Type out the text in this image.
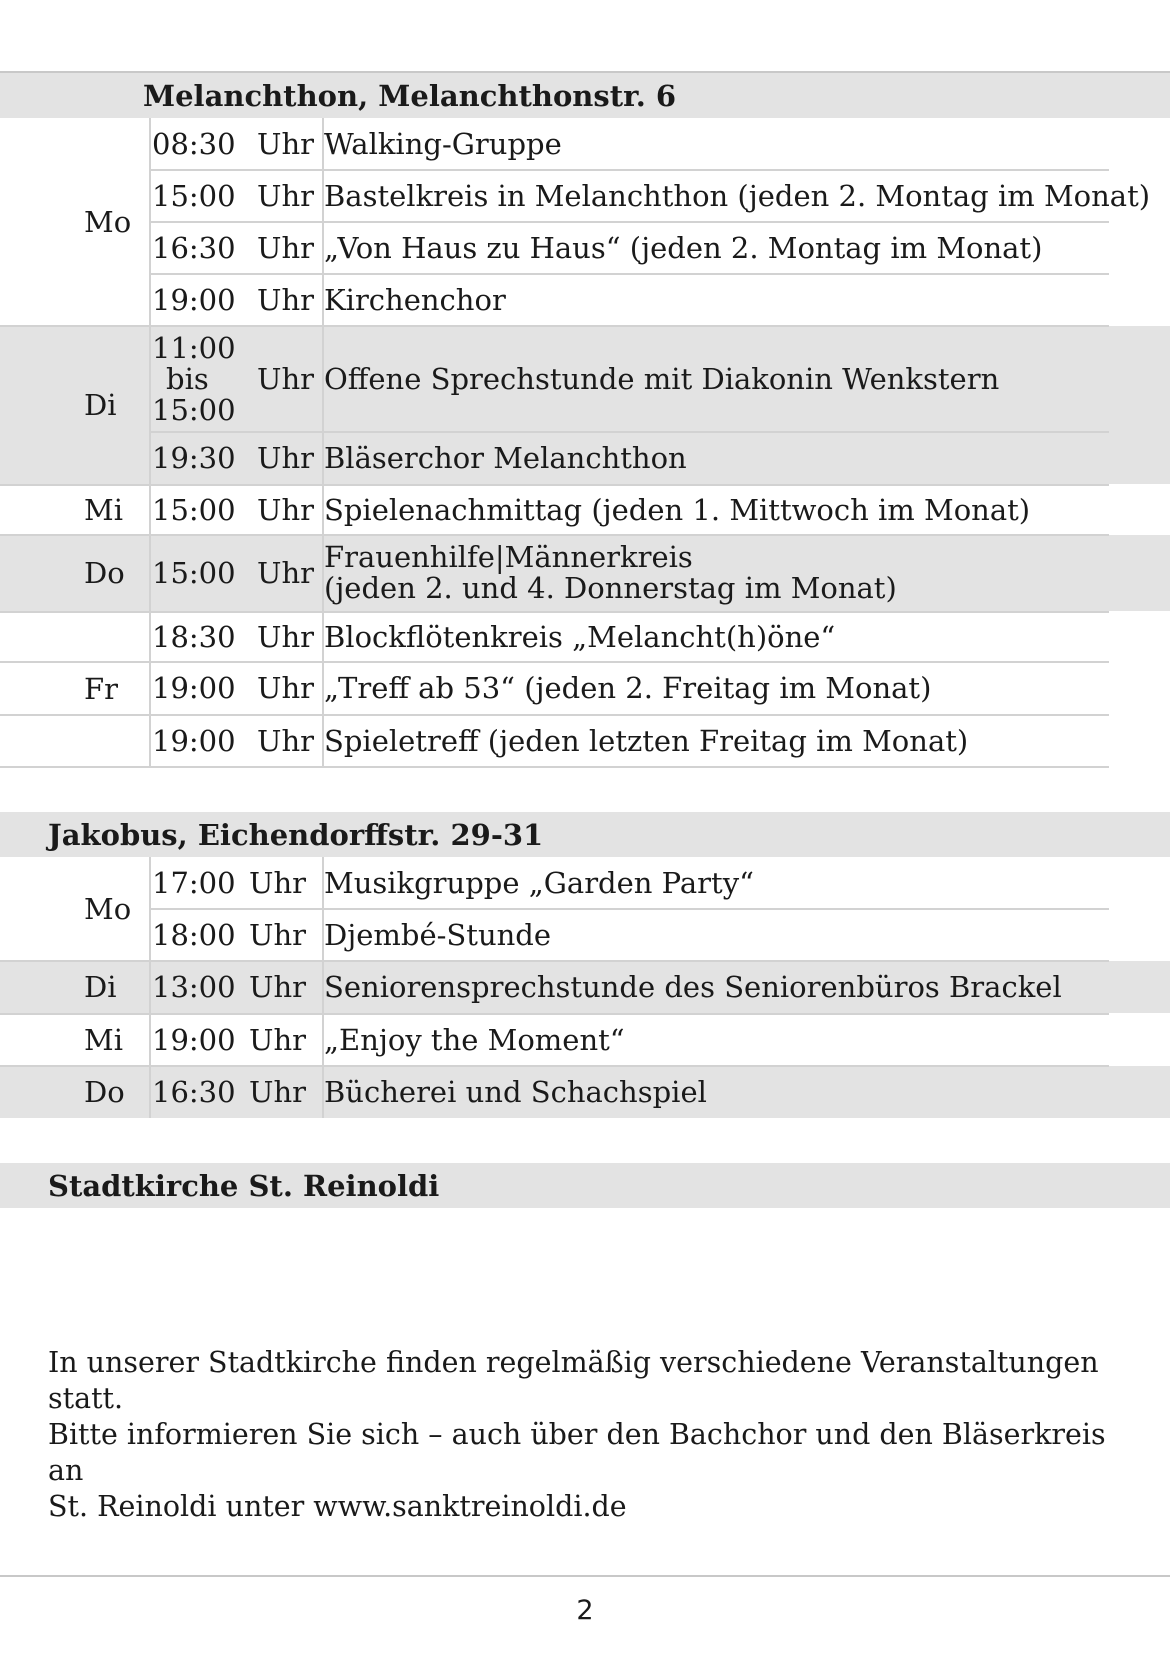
Melanchthon, Melanchthonstr. 6
Mo
Di
Mi
Do
Fr
08:30 Uhr Walking-Gruppe
15:00 Uhr Bastelkreis in Melanchthon (jeden 2. Montag im Monat)
16:30 Uhr „Von Haus zu Haus“ (jeden 2. Montag im Monat)
19:00 Uhr Kirchenchor
11:00
bis
15:00
Uhr Offene Sprechstunde mit Diakonin Wenkstern
19:30 Uhr Bläserchor Melanchthon
15:00 Uhr Spielenachmittag (jeden 1. Mittwoch im Monat)
15:00 Uhr Frauenhilfe|Männerkreis
(jeden 2. und 4. Donnerstag im Monat)
18:30 Uhr Blockflötenkreis „Melancht(h)öne“
19:00 Uhr „Treff ab 53“ (jeden 2. Freitag im Monat)
19:00 Uhr Spieletreff (jeden letzten Freitag im Monat)
Jakobus, Eichendorffstr. 29-31
Mo
Di
Mi
Do
17:00 Uhr Musikgruppe „Garden Party“
18:00 Uhr Djembé-Stunde
13:00 Uhr Seniorensprechstunde des Seniorenbüros Brackel
19:00 Uhr „Enjoy the Moment“
16:30 Uhr Bücherei und Schachspiel
Stadtkirche St. Reinoldi
In unserer Stadtkirche finden regelmäßig verschiedene Veranstaltungen statt.
Bitte informieren Sie sich – auch über den Bachchor und den Bläserkreis an
St. Reinoldi unter www.sanktreinoldi.de
2
